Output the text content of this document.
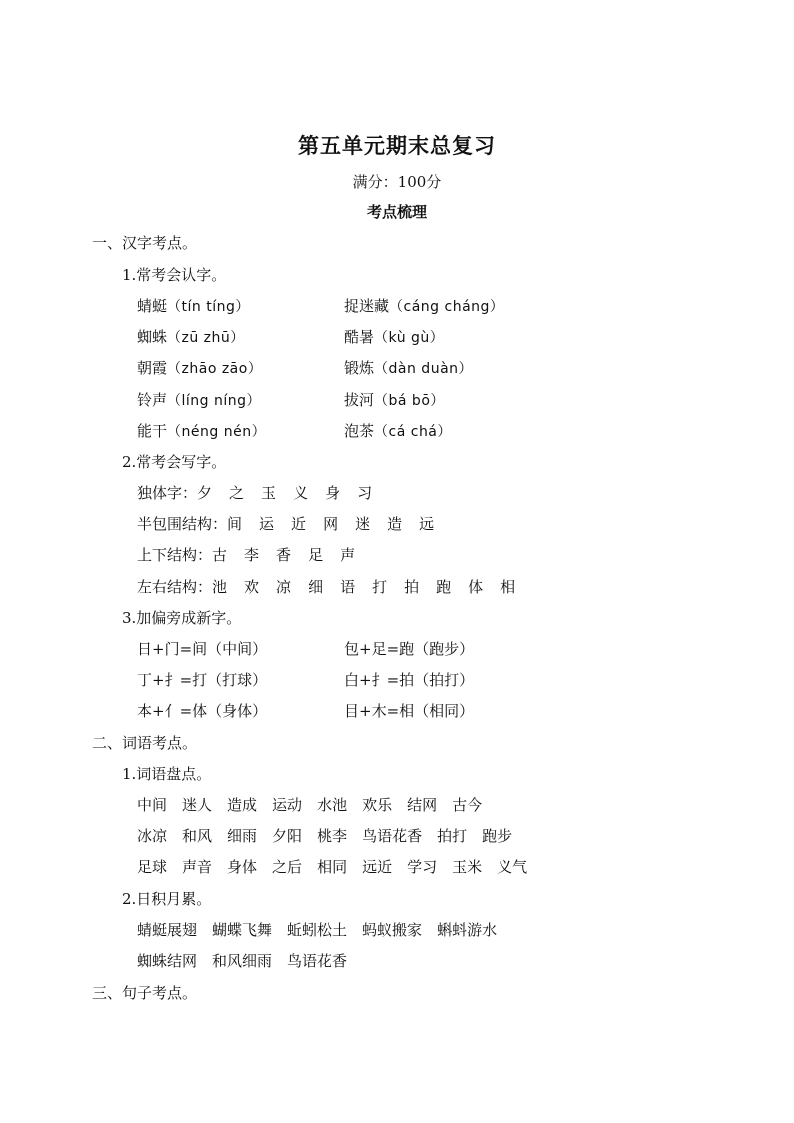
第五单元期末总复习
满分：100分
考点梳理
一、汉字考点。
1.常考会认字。
蜻蜓（tín tíng）	捉迷藏（cáng cháng）
蜘蛛（zū zhū）	酷暑（kù gù）
朝霞（zhāo zāo）	锻炼（dàn duàn）
铃声（líng níng）	拔河（bá bō）
能干（néng nén）	泡茶（cá chá）
2.常考会写字。
独体字：夕 之 玉 义 身 习
半包围结构：间 运 近 网 迷 造 远
上下结构：古 李 香 足 声
左右结构：池 欢 凉 细 语 打 拍 跑 体 相
3.加偏旁成新字。
日+门=间（中间）	包+足=跑（跑步）
丁+扌=打（打球）	白+扌=拍（拍打）
本+亻=体（身体）	目+木=相（相同）
二、词语考点。
1.词语盘点。
中间 迷人 造成 运动 水池 欢乐 结网 古今
冰凉 和风 细雨 夕阳 桃李 鸟语花香 拍打 跑步
足球 声音 身体 之后 相同 远近 学习 玉米 义气
2.日积月累。
蜻蜓展翅 蝴蝶飞舞 蚯蚓松土 蚂蚁搬家 蝌蚪游水
蜘蛛结网 和风细雨 鸟语花香
三、句子考点。
